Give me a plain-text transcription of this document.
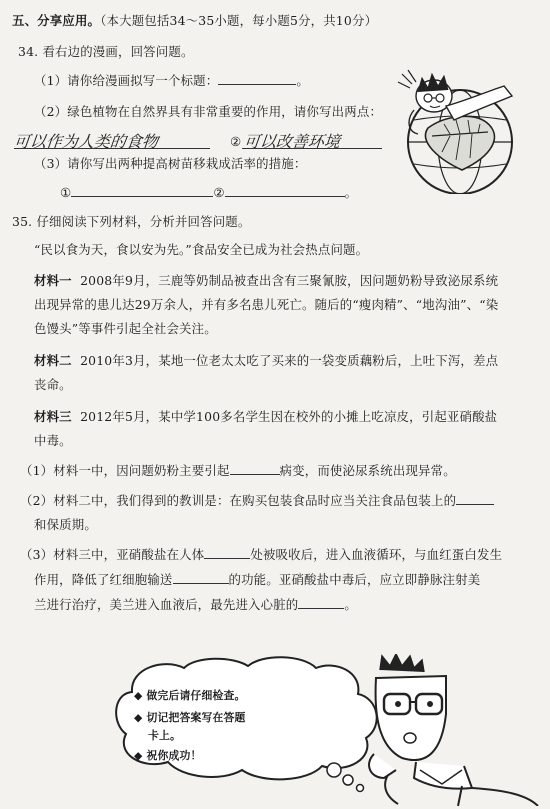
五、分享应用。（本大题包括34～35小题，每小题5分，共10分）
34. 看右边的漫画，回答问题。
（1）请你给漫画拟写一个标题：	。
（2）绿色植物在自然界具有非常重要的作用，请你写出两点：
可以作为人类的食物	② 可以改善环境
（3）请你写出两种提高树苗移栽成活率的措施：
①	②	。
35. 仔细阅读下列材料，分析并回答问题。
“民以食为天，食以安为先。”食品安全已成为社会热点问题。
材料一 2008年9月，三鹿等奶制品被查出含有三聚氰胺，因问题奶粉导致泌尿系统
出现异常的患儿达29万余人，并有多名患儿死亡。随后的“瘦肉精”、“地沟油”、“染
色馒头”等事件引起全社会关注。
材料二 2010年3月，某地一位老太太吃了买来的一袋变质藕粉后，上吐下泻，差点
丧命。
材料三 2012年5月，某中学100多名学生因在校外的小摊上吃凉皮，引起亚硝酸盐
中毒。
（1）材料一中，因问题奶粉主要引起	病变，而使泌尿系统出现异常。
（2）材料二中，我们得到的教训是：在购买包装食品时应当关注食品包装上的
和保质期。
（3）材料三中，亚硝酸盐在人体	处被吸收后，进入血液循环，与血红蛋白发生
作用，降低了红细胞输送	的功能。亚硝酸盐中毒后，应立即静脉注射美
兰进行治疗，美兰进入血液后，最先进入心脏的	。
◆ 做完后请仔细检查。
◆ 切记把答案写在答题
卡上。
◆ 祝你成功！
